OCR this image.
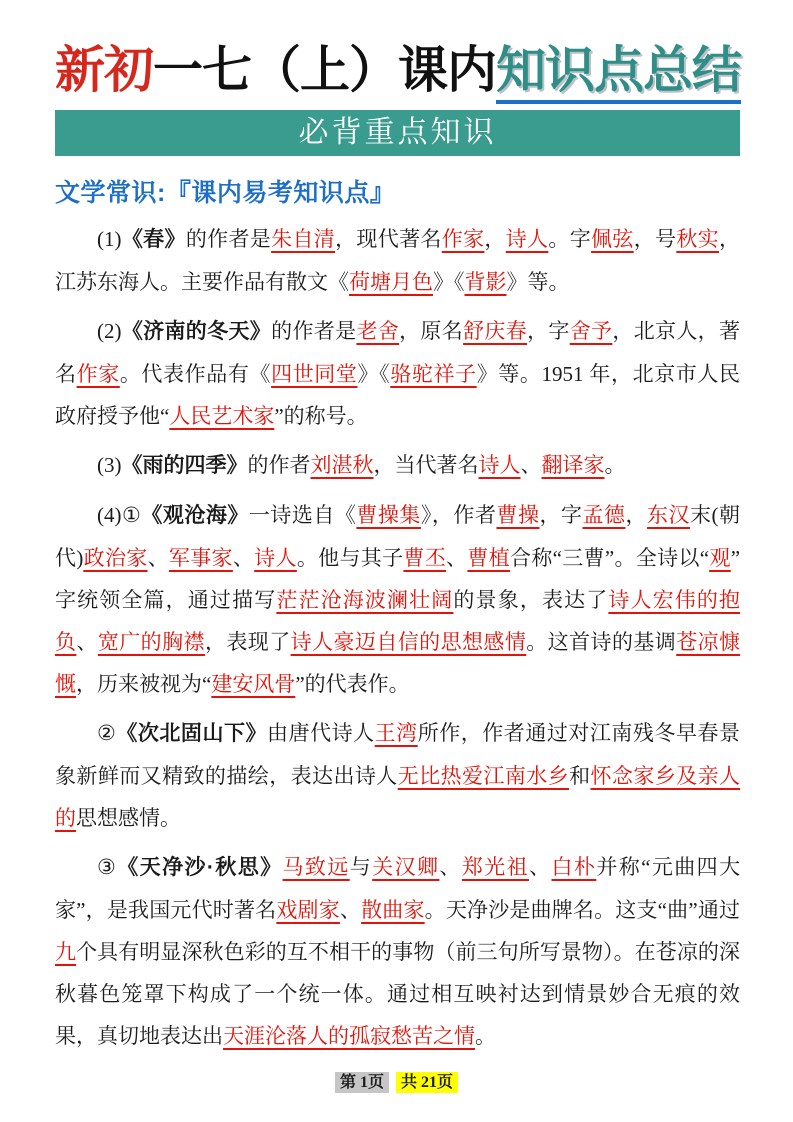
新初一七（上）课内知识点总结
必背重点知识
文学常识:『课内易考知识点』

(1)《春》的作者是朱自清，现代著名作家，诗人。字佩弦，号秋实，江苏东海人。主要作品有散文《荷塘月色》《背影》等。

(2)《济南的冬天》的作者是老舍，原名舒庆春，字舍予，北京人，著名作家。代表作品有《四世同堂》《骆驼祥子》等。1951 年，北京市人民政府授予他“人民艺术家”的称号。

(3)《雨的四季》的作者刘湛秋，当代著名诗人、翻译家。

(4)①《观沧海》一诗选自《曹操集》，作者曹操，字孟德，东汉末(朝代)政治家、军事家、诗人。他与其子曹丕、曹植合称“三曹”。全诗以“观”字统领全篇，通过描写茫茫沧海波澜壮阔的景象，表达了诗人宏伟的抱负、宽广的胸襟，表现了诗人豪迈自信的思想感情。这首诗的基调苍凉慷慨，历来被视为“建安风骨”的代表作。

②《次北固山下》由唐代诗人王湾所作，作者通过对江南残冬早春景象新鲜而又精致的描绘，表达出诗人无比热爱江南水乡和怀念家乡及亲人的思想感情。

③《天净沙·秋思》马致远与关汉卿、郑光祖、白朴并称“元曲四大家”，是我国元代时著名戏剧家、散曲家。天净沙是曲牌名。这支“曲”通过九个具有明显深秋色彩的互不相干的事物（前三句所写景物）。在苍凉的深秋暮色笼罩下构成了一个统一体。通过相互映衬达到情景妙合无痕的效果，真切地表达出天涯沦落人的孤寂愁苦之情。

第 1页 共 21页
